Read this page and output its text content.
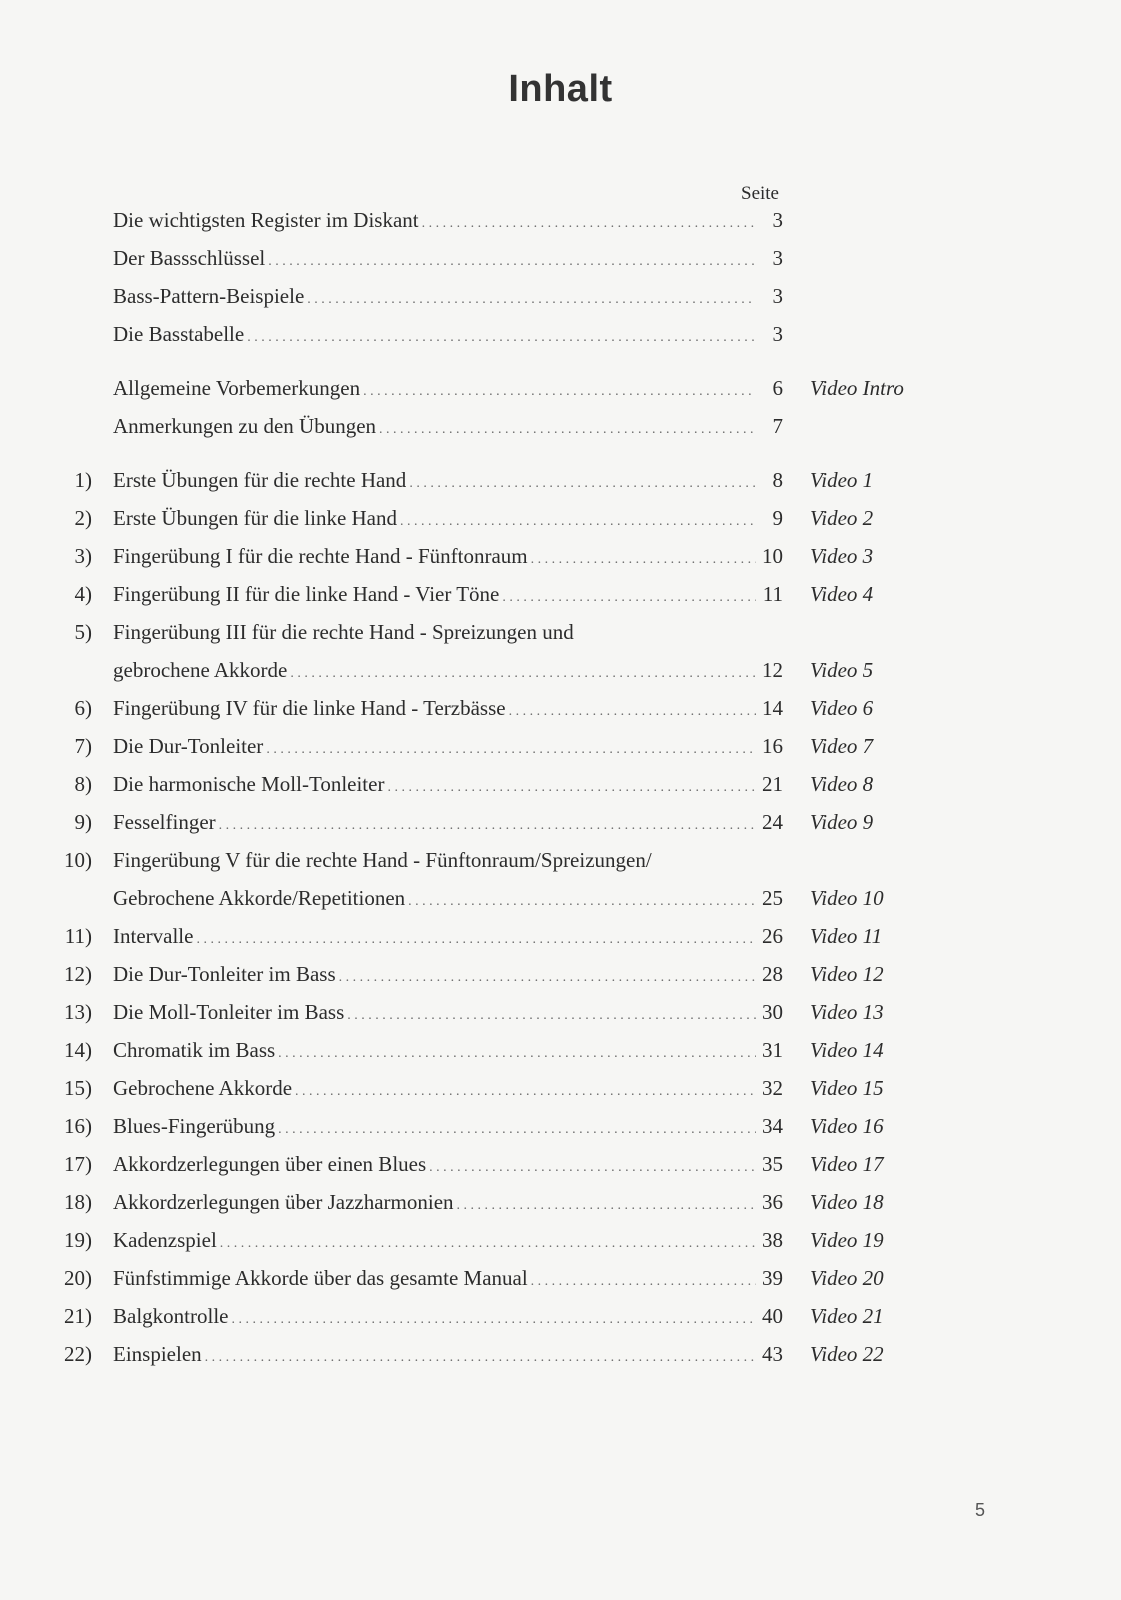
Inhalt
Seite
Die wichtigsten Register im Diskant . . .	3
Der Bassschlüssel . . .	3
Bass-Pattern-Beispiele . . .	3
Die Basstabelle . . .	3
Allgemeine Vorbemerkungen . . .	6 Video Intro
Anmerkungen zu den Übungen . . .	7
1) Erste Übungen für die rechte Hand . . .	8 Video 1
2) Erste Übungen für die linke Hand . . .	9 Video 2
3) Fingerübung I für die rechte Hand - Fünftonraum . . .	10 Video 3
4) Fingerübung II für die linke Hand - Vier Töne . . .	11 Video 4
5) Fingerübung III für die rechte Hand - Spreizungen und
gebrochene Akkorde . . .	12 Video 5
6) Fingerübung IV für die linke Hand - Terzbässe . . .	14 Video 6
7) Die Dur-Tonleiter . . .	16 Video 7
8) Die harmonische Moll-Tonleiter . . .	21 Video 8
9) Fesselfinger . . .	24 Video 9
10) Fingerübung V für die rechte Hand - Fünftonraum/Spreizungen/
Gebrochene Akkorde/Repetitionen . . .	25 Video 10
11) Intervalle . . .	26 Video 11
12) Die Dur-Tonleiter im Bass . . .	28 Video 12
13) Die Moll-Tonleiter im Bass . . .	30 Video 13
14) Chromatik im Bass . . .	31 Video 14
15) Gebrochene Akkorde . . .	32 Video 15
16) Blues-Fingerübung . . .	34 Video 16
17) Akkordzerlegungen über einen Blues . . .	35 Video 17
18) Akkordzerlegungen über Jazzharmonien . . .	36 Video 18
19) Kadenzspiel . . .	38 Video 19
20) Fünfstimmige Akkorde über das gesamte Manual . . .	39 Video 20
21) Balgkontrolle . . .	40 Video 21
22) Einspielen . . .	43 Video 22
5
